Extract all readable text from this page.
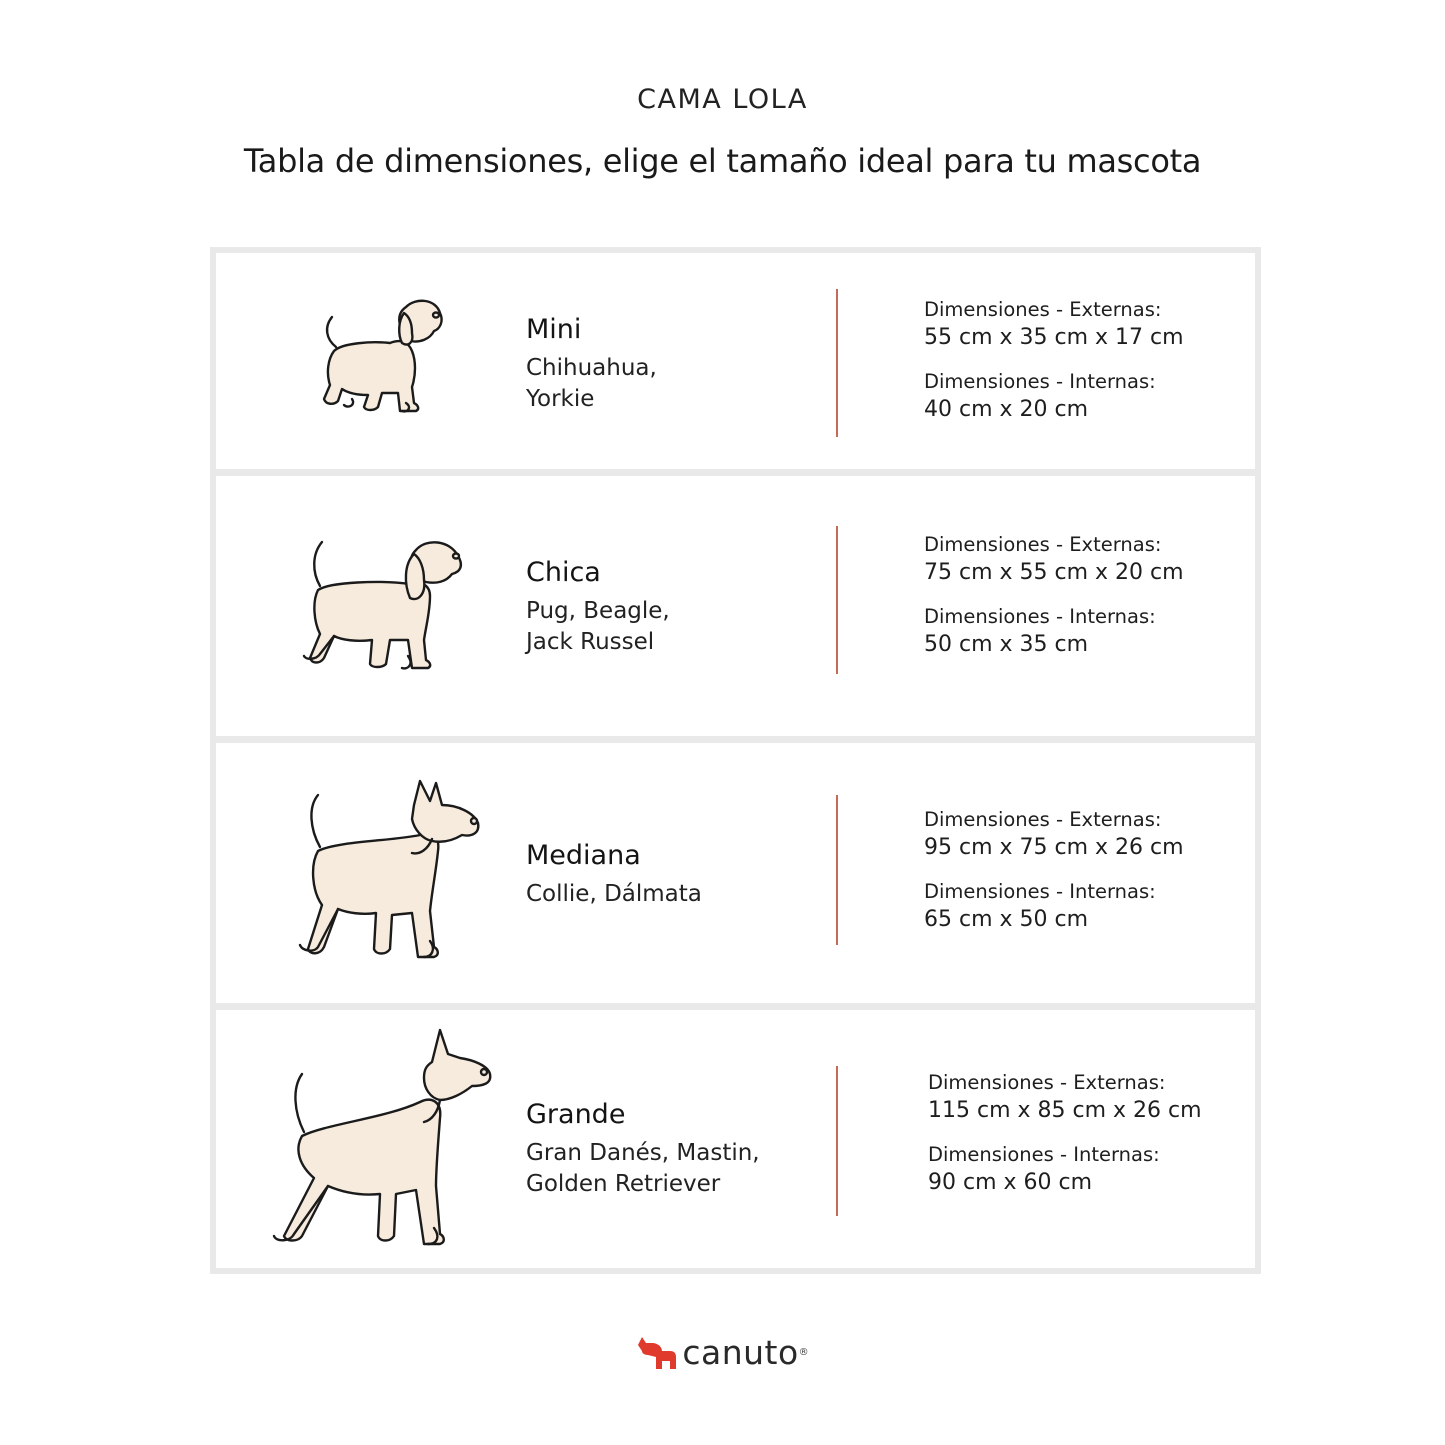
CAMA LOLA
Tabla de dimensiones, elige el tamaño ideal para tu mascota
Mini
Chihuahua,
Yorkie
Dimensiones - Externas:
55 cm x 35 cm x 17 cm
Dimensiones - Internas:
40 cm x 20 cm
Chica
Pug, Beagle,
Jack Russel
Dimensiones - Externas:
75 cm x 55 cm x 20 cm
Dimensiones - Internas:
50 cm x 35 cm
Mediana
Collie, Dálmata
Dimensiones - Externas:
95 cm x 75 cm x 26 cm
Dimensiones - Internas:
65 cm x 50 cm
Grande
Gran Danés, Mastin,
Golden Retriever
Dimensiones - Externas:
115 cm x 85 cm x 26 cm
Dimensiones - Internas:
90 cm x 60 cm
canuto ®
